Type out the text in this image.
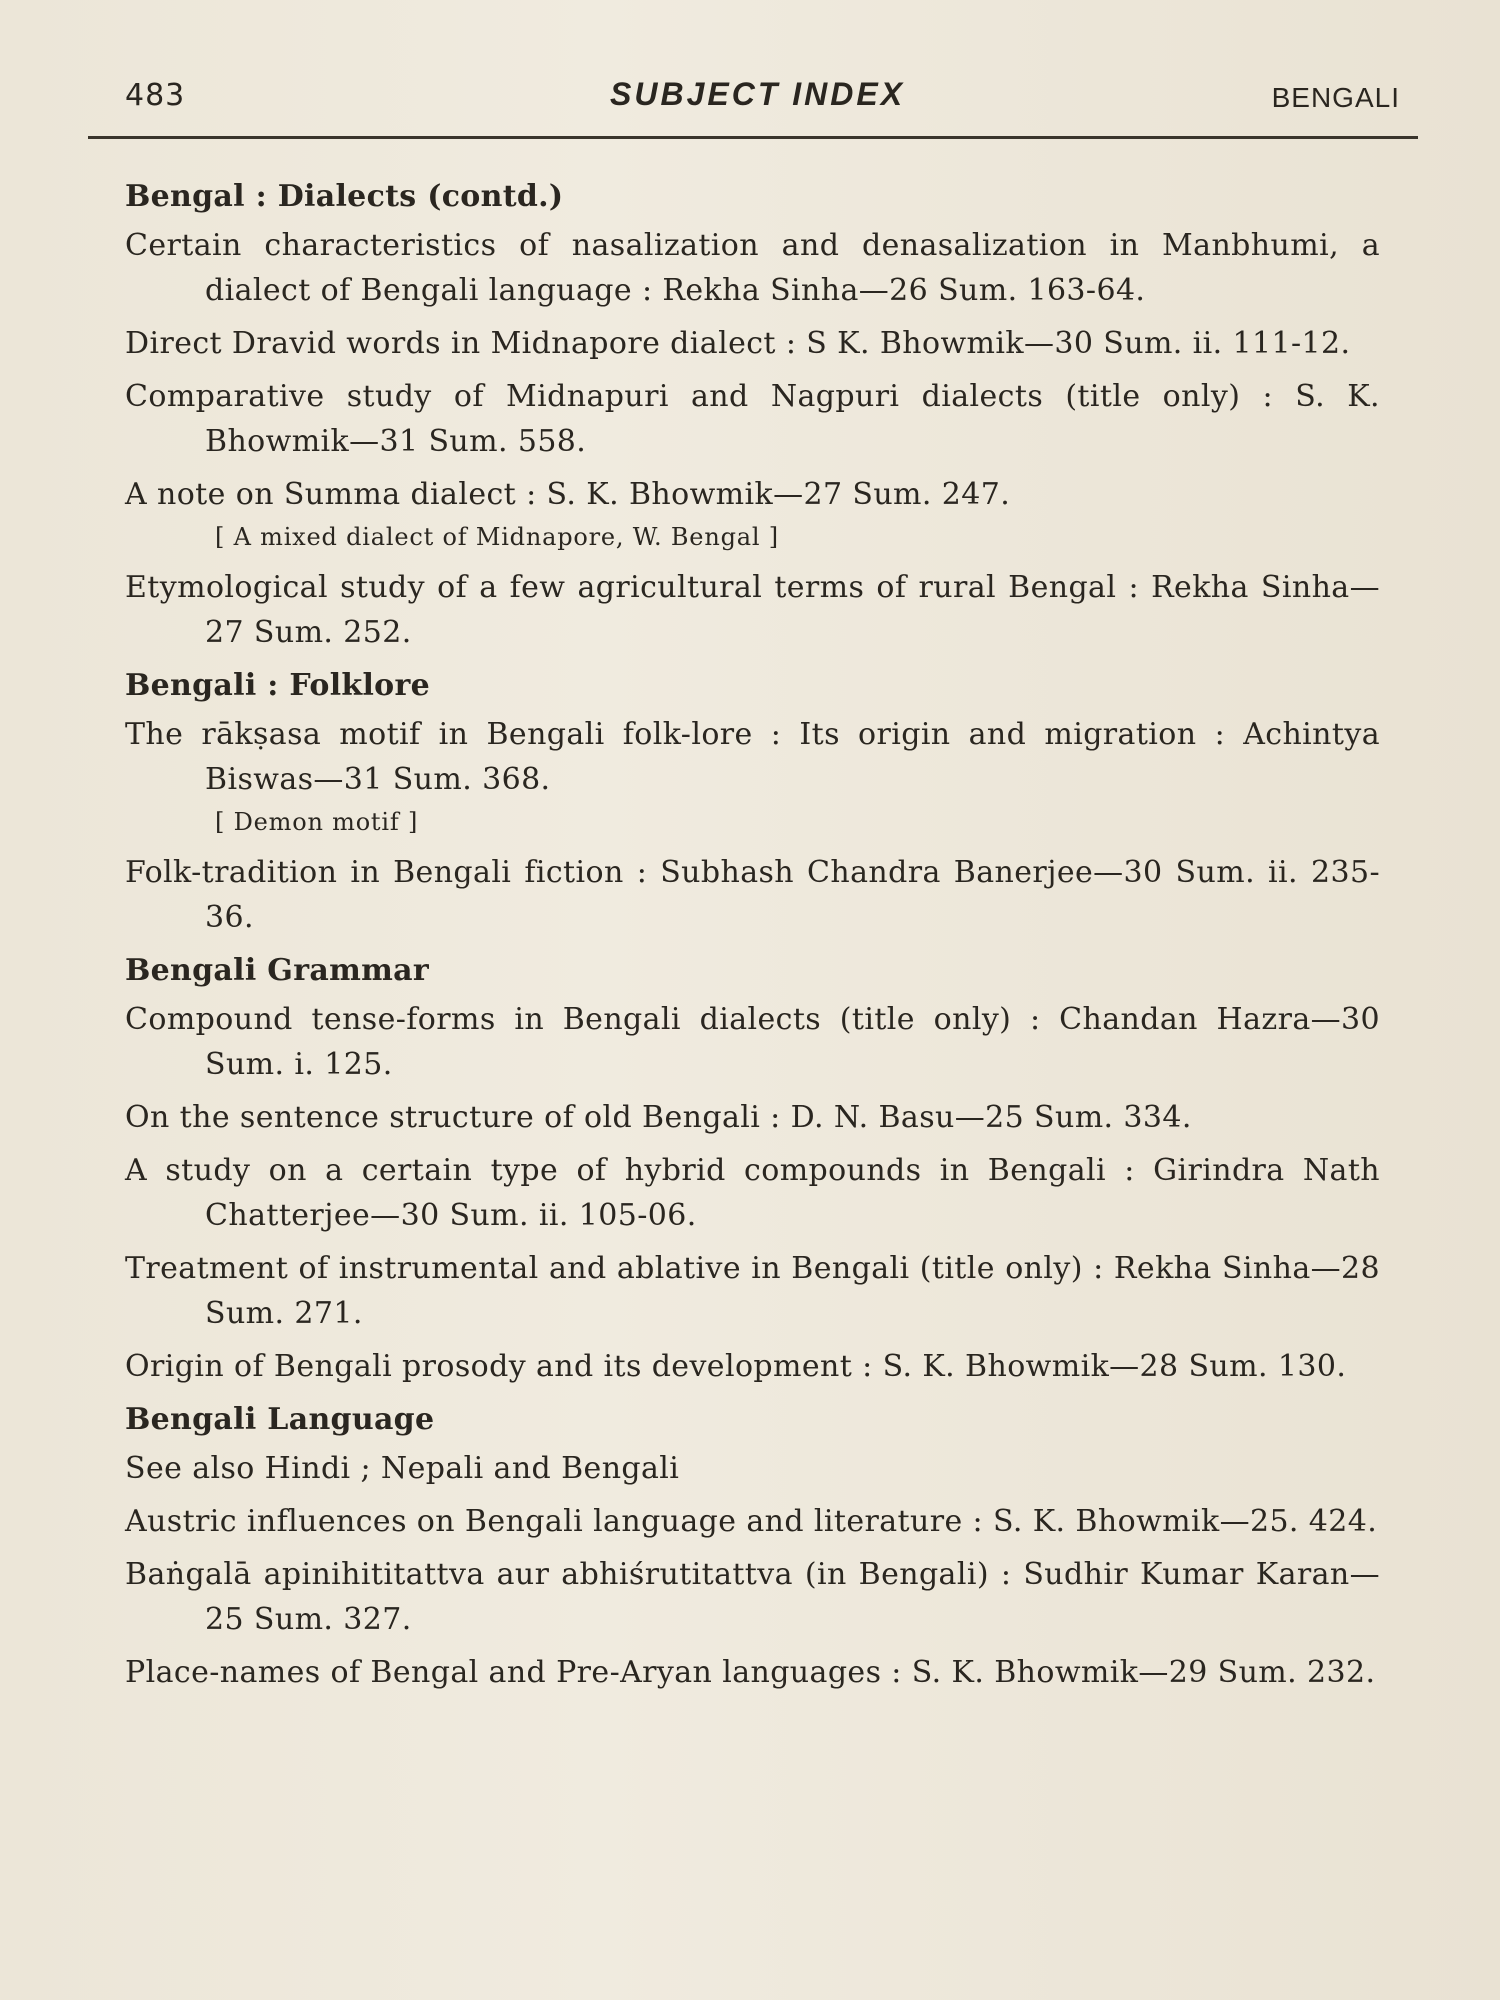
483	SUBJECT INDEX	BENGALI
Bengal : Dialects (contd.)
Certain characteristics of nasalization and denasalization in Manbhumi, a dialect of Bengali language : Rekha Sinha—26 Sum. 163-64.
Direct Dravid words in Midnapore dialect : S K. Bhowmik—30 Sum. ii. 111-12.
Comparative study of Midnapuri and Nagpuri dialects (title only) : S. K. Bhowmik—31 Sum. 558.
A note on Summa dialect : S. K. Bhowmik—27 Sum. 247.
[ A mixed dialect of Midnapore, W. Bengal ]
Etymological study of a few agricultural terms of rural Bengal : Rekha Sinha—27 Sum. 252.
Bengali : Folklore
The rākṣasa motif in Bengali folk-lore : Its origin and migration : Achintya Biswas—31 Sum. 368.
[ Demon motif ]
Folk-tradition in Bengali fiction : Subhash Chandra Banerjee—30 Sum. ii. 235-36.
Bengali Grammar
Compound tense-forms in Bengali dialects (title only) : Chandan Hazra—30 Sum. i. 125.
On the sentence structure of old Bengali : D. N. Basu—25 Sum. 334.
A study on a certain type of hybrid compounds in Bengali : Girindra Nath Chatterjee—30 Sum. ii. 105-06.
Treatment of instrumental and ablative in Bengali (title only) : Rekha Sinha—28 Sum. 271.
Origin of Bengali prosody and its development : S. K. Bhowmik—28 Sum. 130.
Bengali Language
See also Hindi ; Nepali and Bengali
Austric influences on Bengali language and literature : S. K. Bhowmik—25. 424.
Baṅgalā apinihititattva aur abhiśrutitattva (in Bengali) : Sudhir Kumar Karan—25 Sum. 327.
Place-names of Bengal and Pre-Aryan languages : S. K. Bhowmik—29 Sum. 232.
